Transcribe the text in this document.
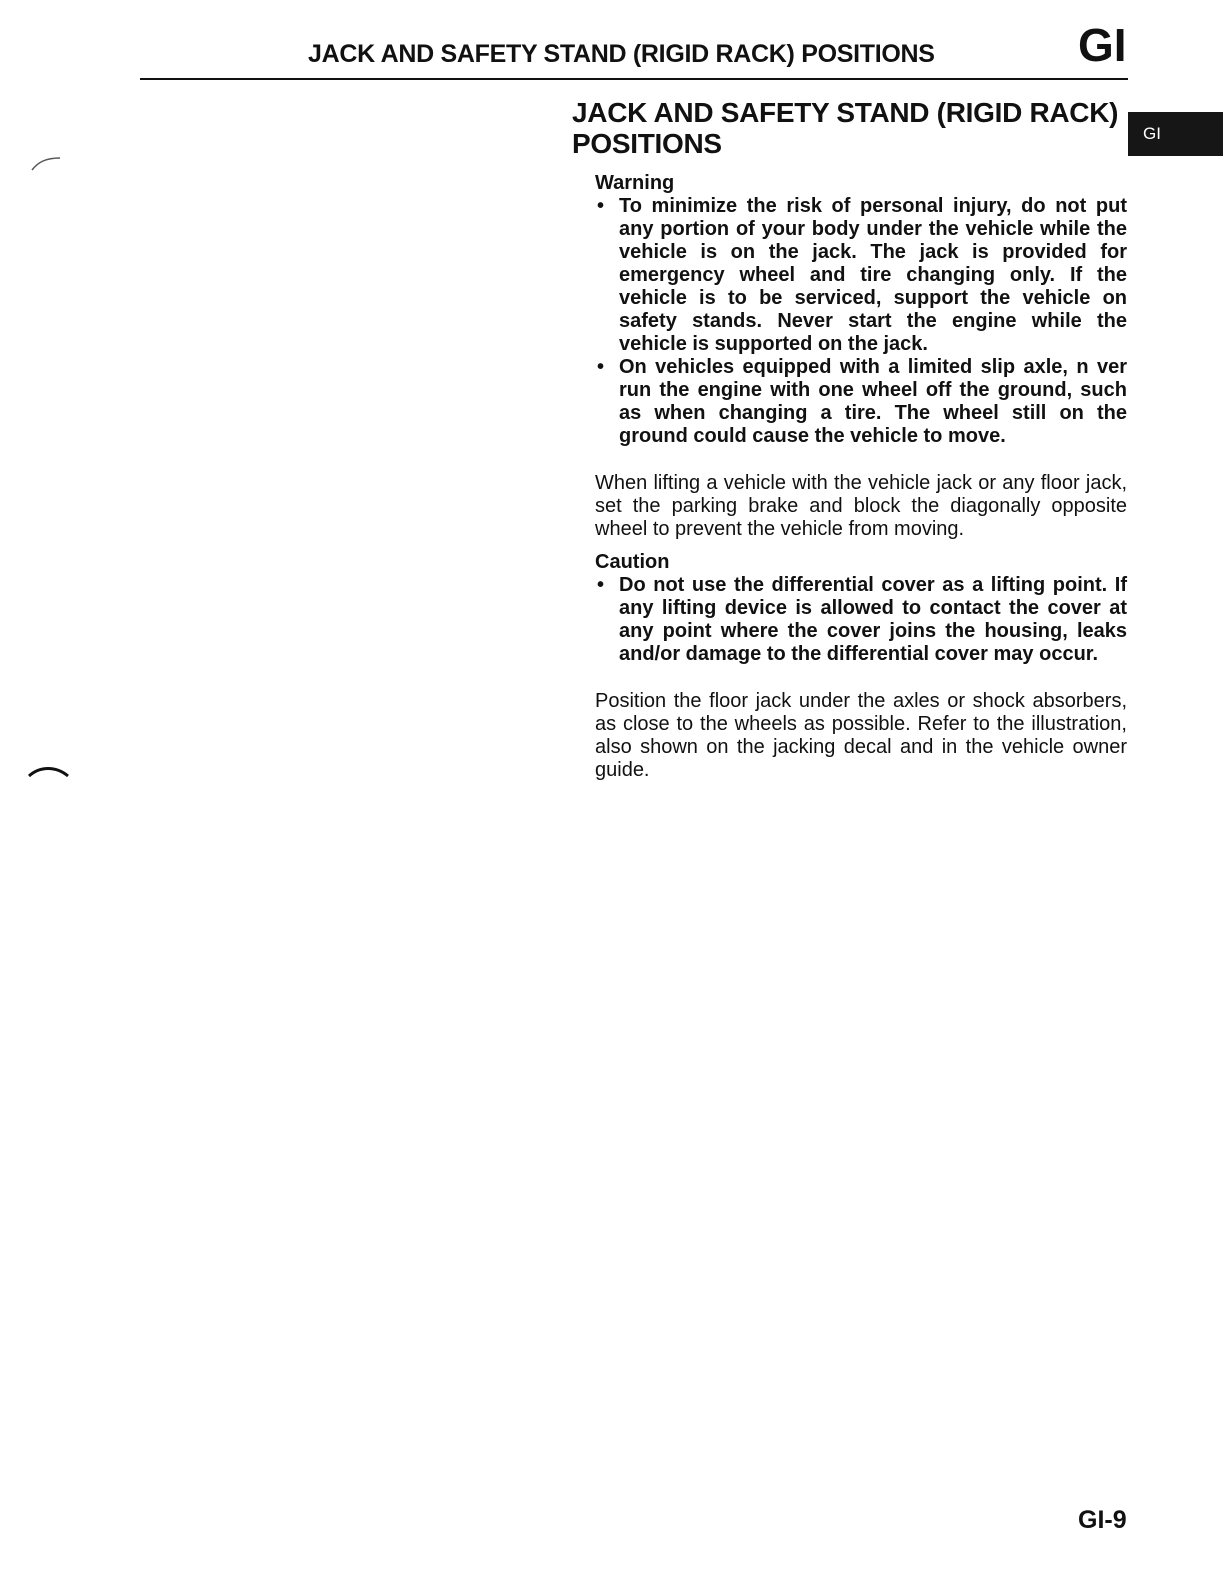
JACK AND SAFETY STAND (RIGID RACK) POSITIONS	GI
GI
JACK AND SAFETY STAND (RIGID RACK) POSITIONS
Warning
• To minimize the risk of personal injury, do not put any portion of your body under the vehicle while the vehicle is on the jack. The jack is provided for emergency wheel and tire changing only. If the vehicle is to be serviced, support the vehicle on safety stands. Never start the engine while the vehicle is supported on the jack.
• On vehicles equipped with a limited slip axle, n ver run the engine with one wheel off the ground, such as when changing a tire. The wheel still on the ground could cause the vehicle to move.

When lifting a vehicle with the vehicle jack or any floor jack, set the parking brake and block the diagonally opposite wheel to prevent the vehicle from moving.

Caution
• Do not use the differential cover as a lifting point. If any lifting device is allowed to contact the cover at any point where the cover joins the housing, leaks and/or damage to the differential cover may occur.

Position the floor jack under the axles or shock absorbers, as close to the wheels as possible. Refer to the illustration, also shown on the jacking decal and in the vehicle owner guide.

GI-9
